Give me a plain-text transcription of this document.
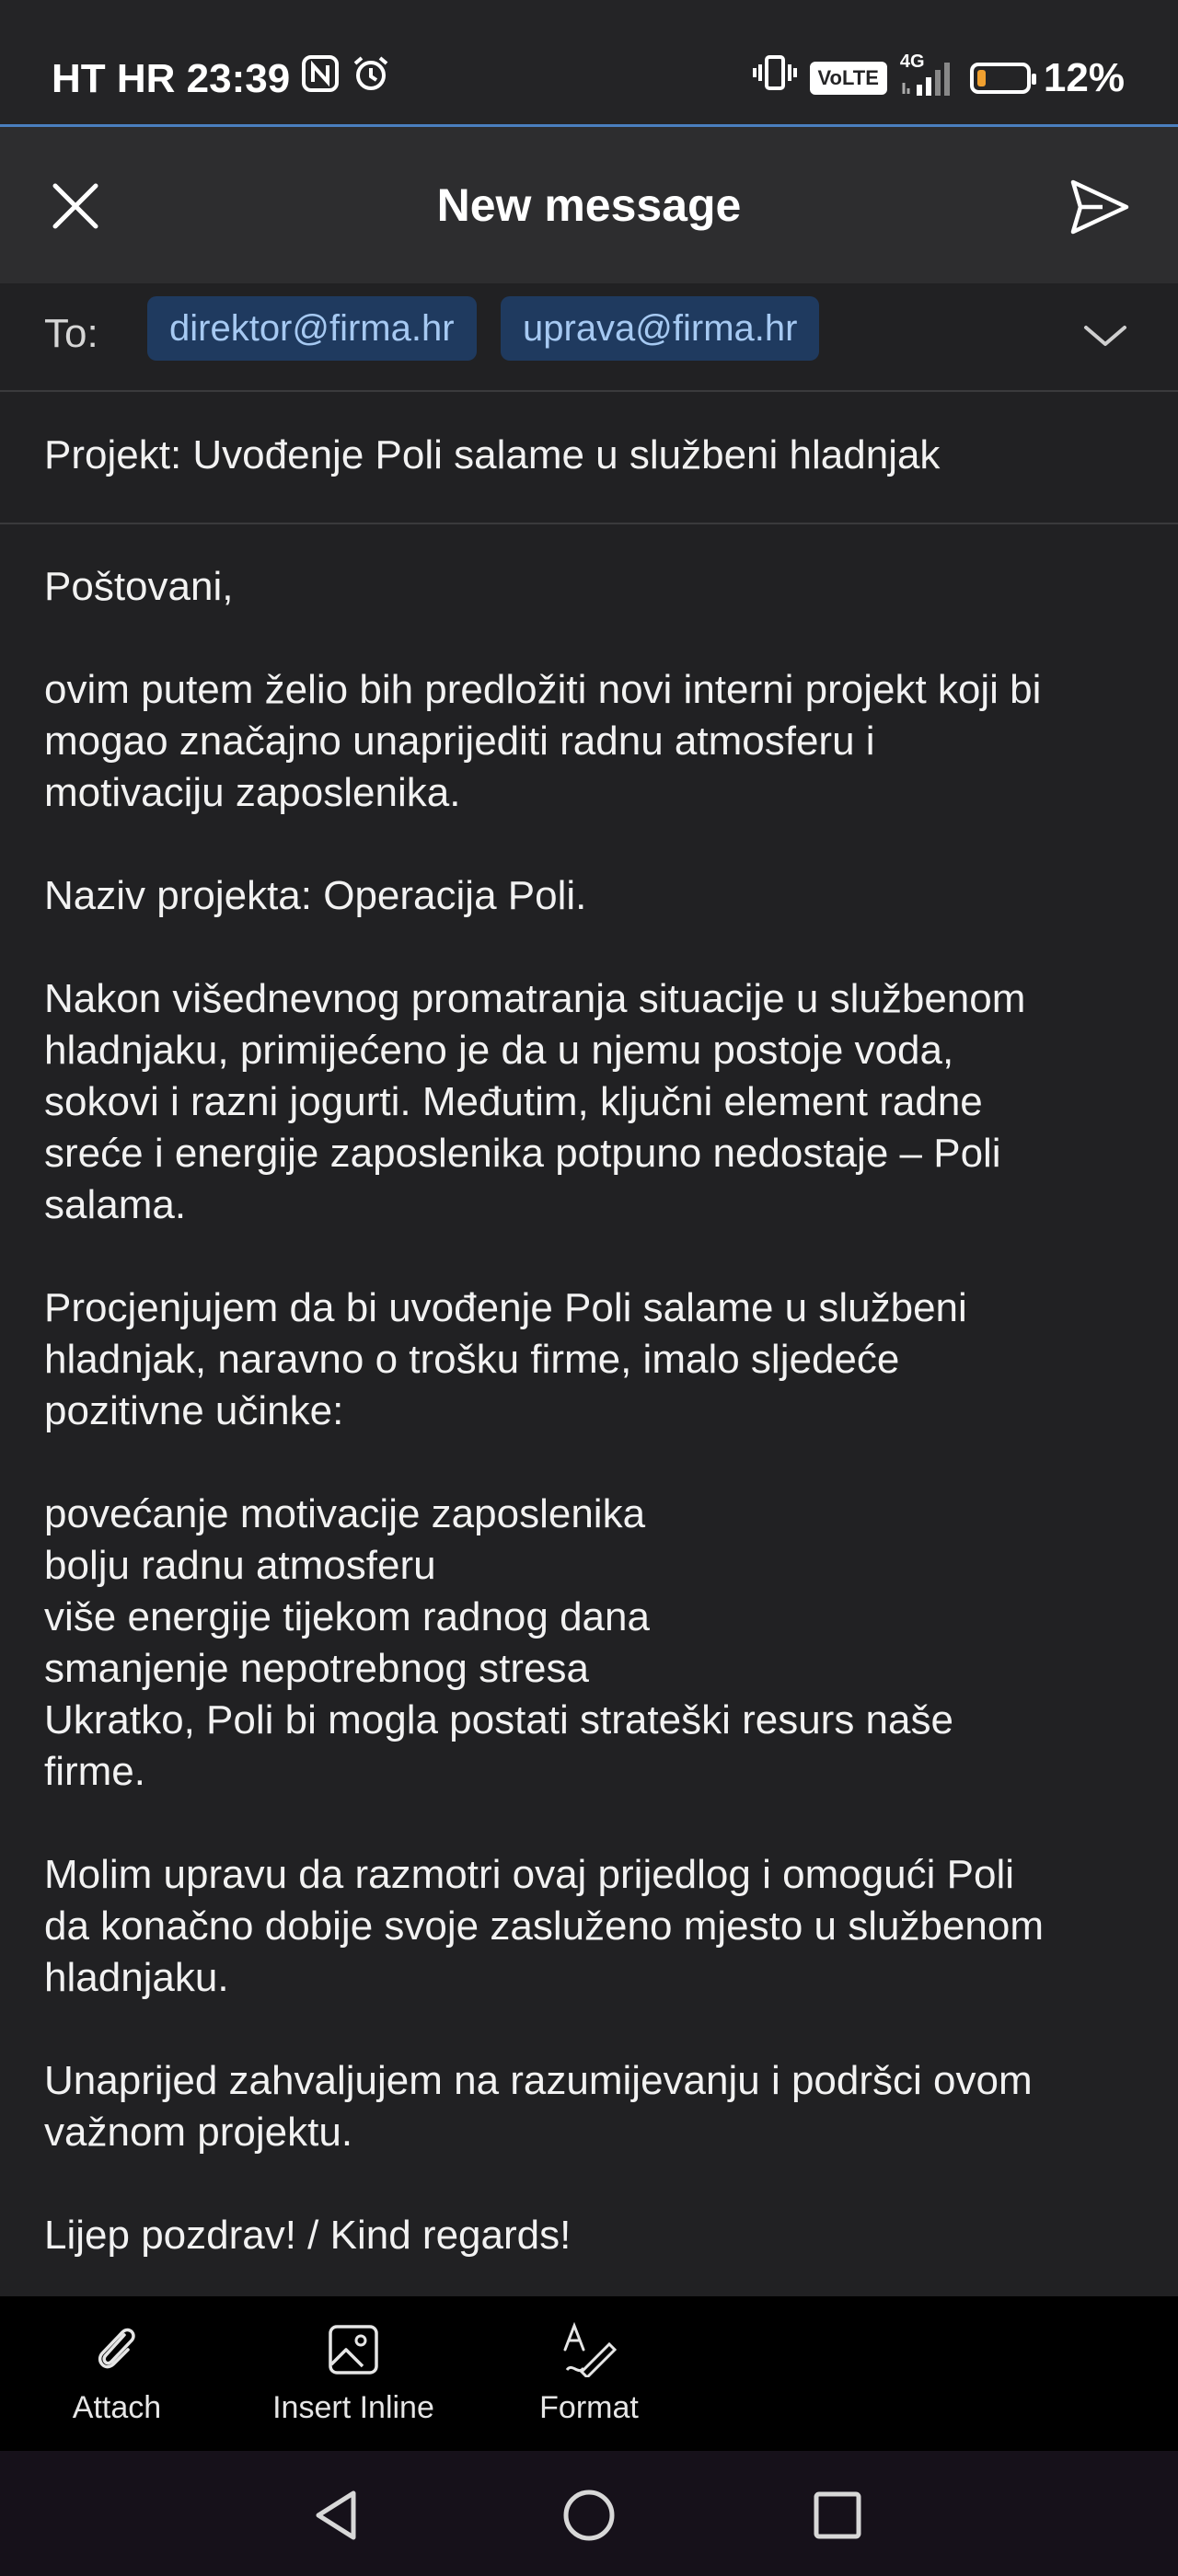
HT HR 23:39	VoLTE
4G	12%
New message
To:	direktor@firma.hr	uprava@firma.hr
Projekt: Uvođenje Poli salame u službeni hladnjak

Poštovani,

ovim putem želio bih predložiti novi interni projekt koji bi
mogao značajno unaprijediti radnu atmosferu i
motivaciju zaposlenika.

Naziv projekta: Operacija Poli.

Nakon višednevnog promatranja situacije u službenom
hladnjaku, primijećeno je da u njemu postoje voda,
sokovi i razni jogurti. Međutim, ključni element radne
sreće i energije zaposlenika potpuno nedostaje – Poli
salama.

Procjenjujem da bi uvođenje Poli salame u službeni
hladnjak, naravno o trošku firme, imalo sljedeće
pozitivne učinke:

povećanje motivacije zaposlenika
bolju radnu atmosferu
više energije tijekom radnog dana
smanjenje nepotrebnog stresa
Ukratko, Poli bi mogla postati strateški resurs naše
firme.

Molim upravu da razmotri ovaj prijedlog i omogući Poli
da konačno dobije svoje zasluženo mjesto u službenom
hladnjaku.

Unaprijed zahvaljujem na razumijevanju i podršci ovom
važnom projektu.

Lijep pozdrav! / Kind regards!

Attach	Insert Inline	Format
